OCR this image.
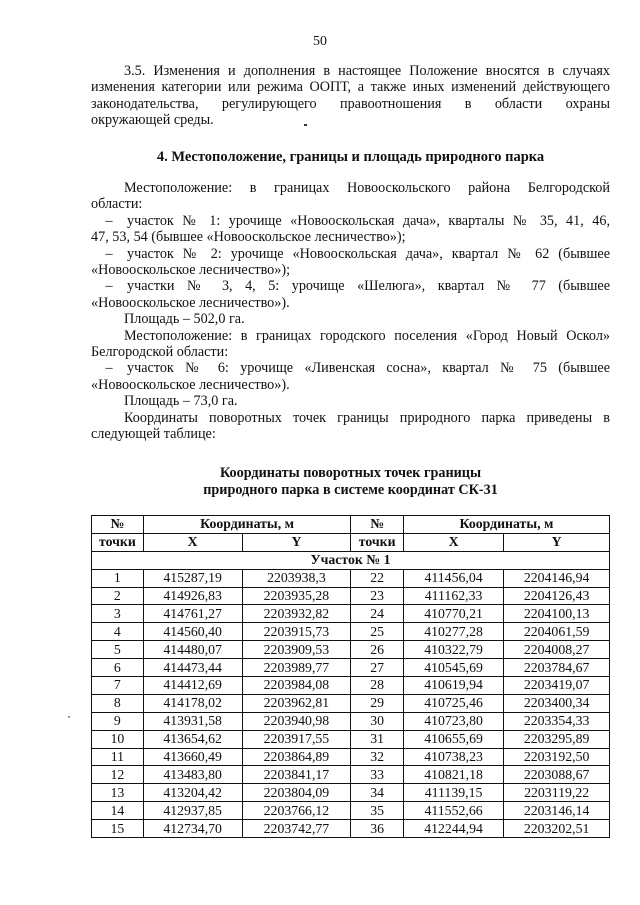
50
3.5. Изменения и дополнения в настоящее Положение вносятся в случаях
изменения категории или режима ООПТ, а также иных изменений действующего
законодательства, регулирующего правоотношения в области охраны
окружающей среды.
4. Местоположение, границы и площадь природного парка
Местоположение: в границах Новооскольского района Белгородской
области:
–	участок № 1: урочище «Новооскольская дача», кварталы № 35, 41, 46,
47, 53, 54 (бывшее «Новооскольское лесничество»);
–	участок № 2: урочище «Новооскольская дача», квартал № 62 (бывшее
«Новооскольское лесничество»);
–	участки № 3, 4, 5: урочище «Шелюга», квартал № 77 (бывшее
«Новооскольское лесничество»).
Площадь – 502,0 га.
Местоположение: в границах городского поселения «Город Новый Оскол»
Белгородской области:
–	участок № 6: урочище «Ливенская сосна», квартал № 75 (бывшее
«Новооскольское лесничество»).
Площадь – 73,0 га.
Координаты поворотных точек границы природного парка приведены в
следующей таблице:
Координаты поворотных точек границы
природного парка в системе координат СК-31
№	Координаты, м		№	Координаты, м	
точки	X	Y	точки	X	Y
Участок № 1					
1	415287,19	2203938,3	22	411456,04	2204146,94
2	414926,83	2203935,28	23	411162,33	2204126,43
3	414761,27	2203932,82	24	410770,21	2204100,13
4	414560,40	2203915,73	25	410277,28	2204061,59
5	414480,07	2203909,53	26	410322,79	2204008,27
6	414473,44	2203989,77	27	410545,69	2203784,67
7	414412,69	2203984,08	28	410619,94	2203419,07
8	414178,02	2203962,81	29	410725,46	2203400,34
9	413931,58	2203940,98	30	410723,80	2203354,33
10	413654,62	2203917,55	31	410655,69	2203295,89
11	413660,49	2203864,89	32	410738,23	2203192,50
12	413483,80	2203841,17	33	410821,18	2203088,67
13	413204,42	2203804,09	34	411139,15	2203119,22
14	412937,85	2203766,12	35	411552,66	2203146,14
15	412734,70	2203742,77	36	412244,94	2203202,51
